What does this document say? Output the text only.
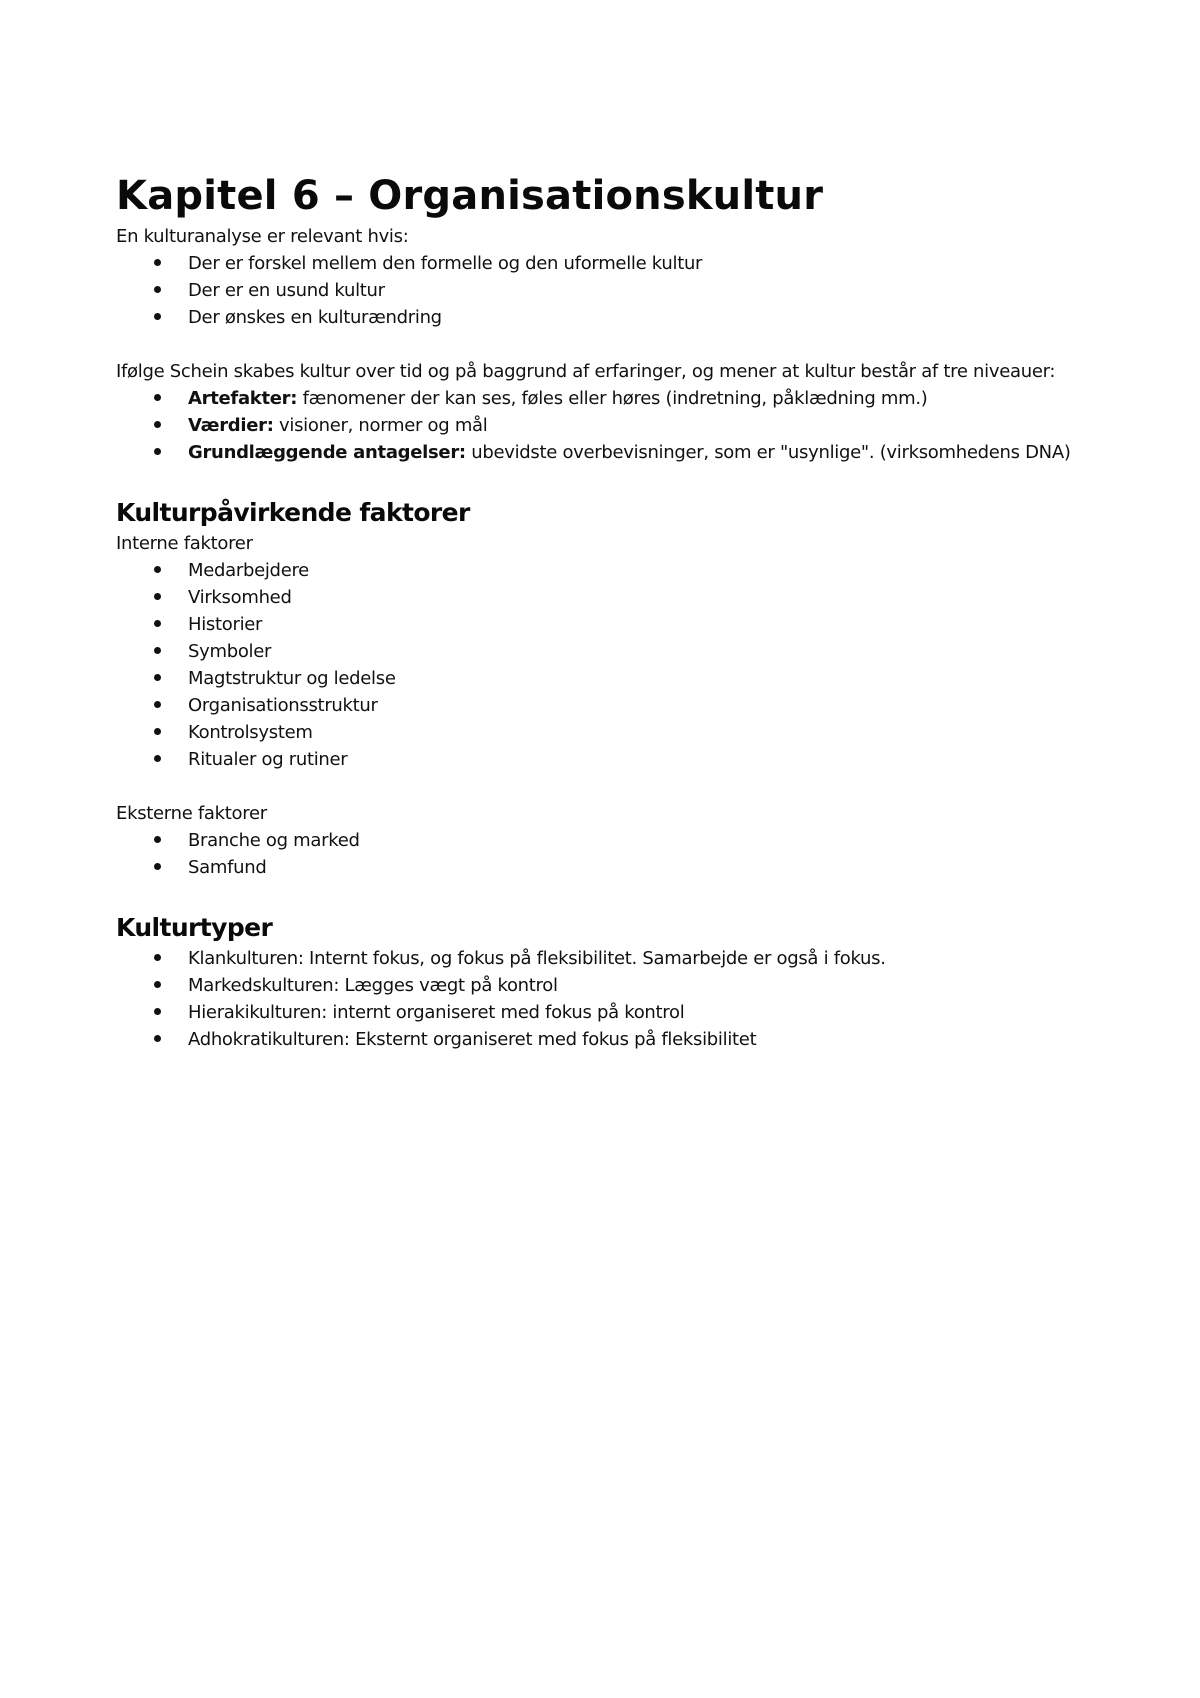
Kapitel 6 – Organisationskultur

En kulturanalyse er relevant hvis:

Der er forskel mellem den formelle og den uformelle kultur
Der er en usund kultur
Der ønskes en kulturændring

Ifølge Schein skabes kultur over tid og på baggrund af erfaringer, og mener at kultur består af tre niveauer:

Artefakter: fænomener der kan ses, føles eller høres (indretning, påklædning mm.)
Værdier: visioner, normer og mål
Grundlæggende antagelser: ubevidste overbevisninger, som er "usynlige". (virksomhedens DNA)
Kulturpåvirkende faktorer

Interne faktorer

Medarbejdere
Virksomhed
Historier
Symboler
Magtstruktur og ledelse
Organisationsstruktur
Kontrolsystem
Ritualer og rutiner

Eksterne faktorer

Branche og marked
Samfund
Kulturtyper
Klankulturen: Internt fokus, og fokus på fleksibilitet. Samarbejde er også i fokus.
Markedskulturen: Lægges vægt på kontrol
Hierakikulturen: internt organiseret med fokus på kontrol
Adhokratikulturen: Eksternt organiseret med fokus på fleksibilitet
